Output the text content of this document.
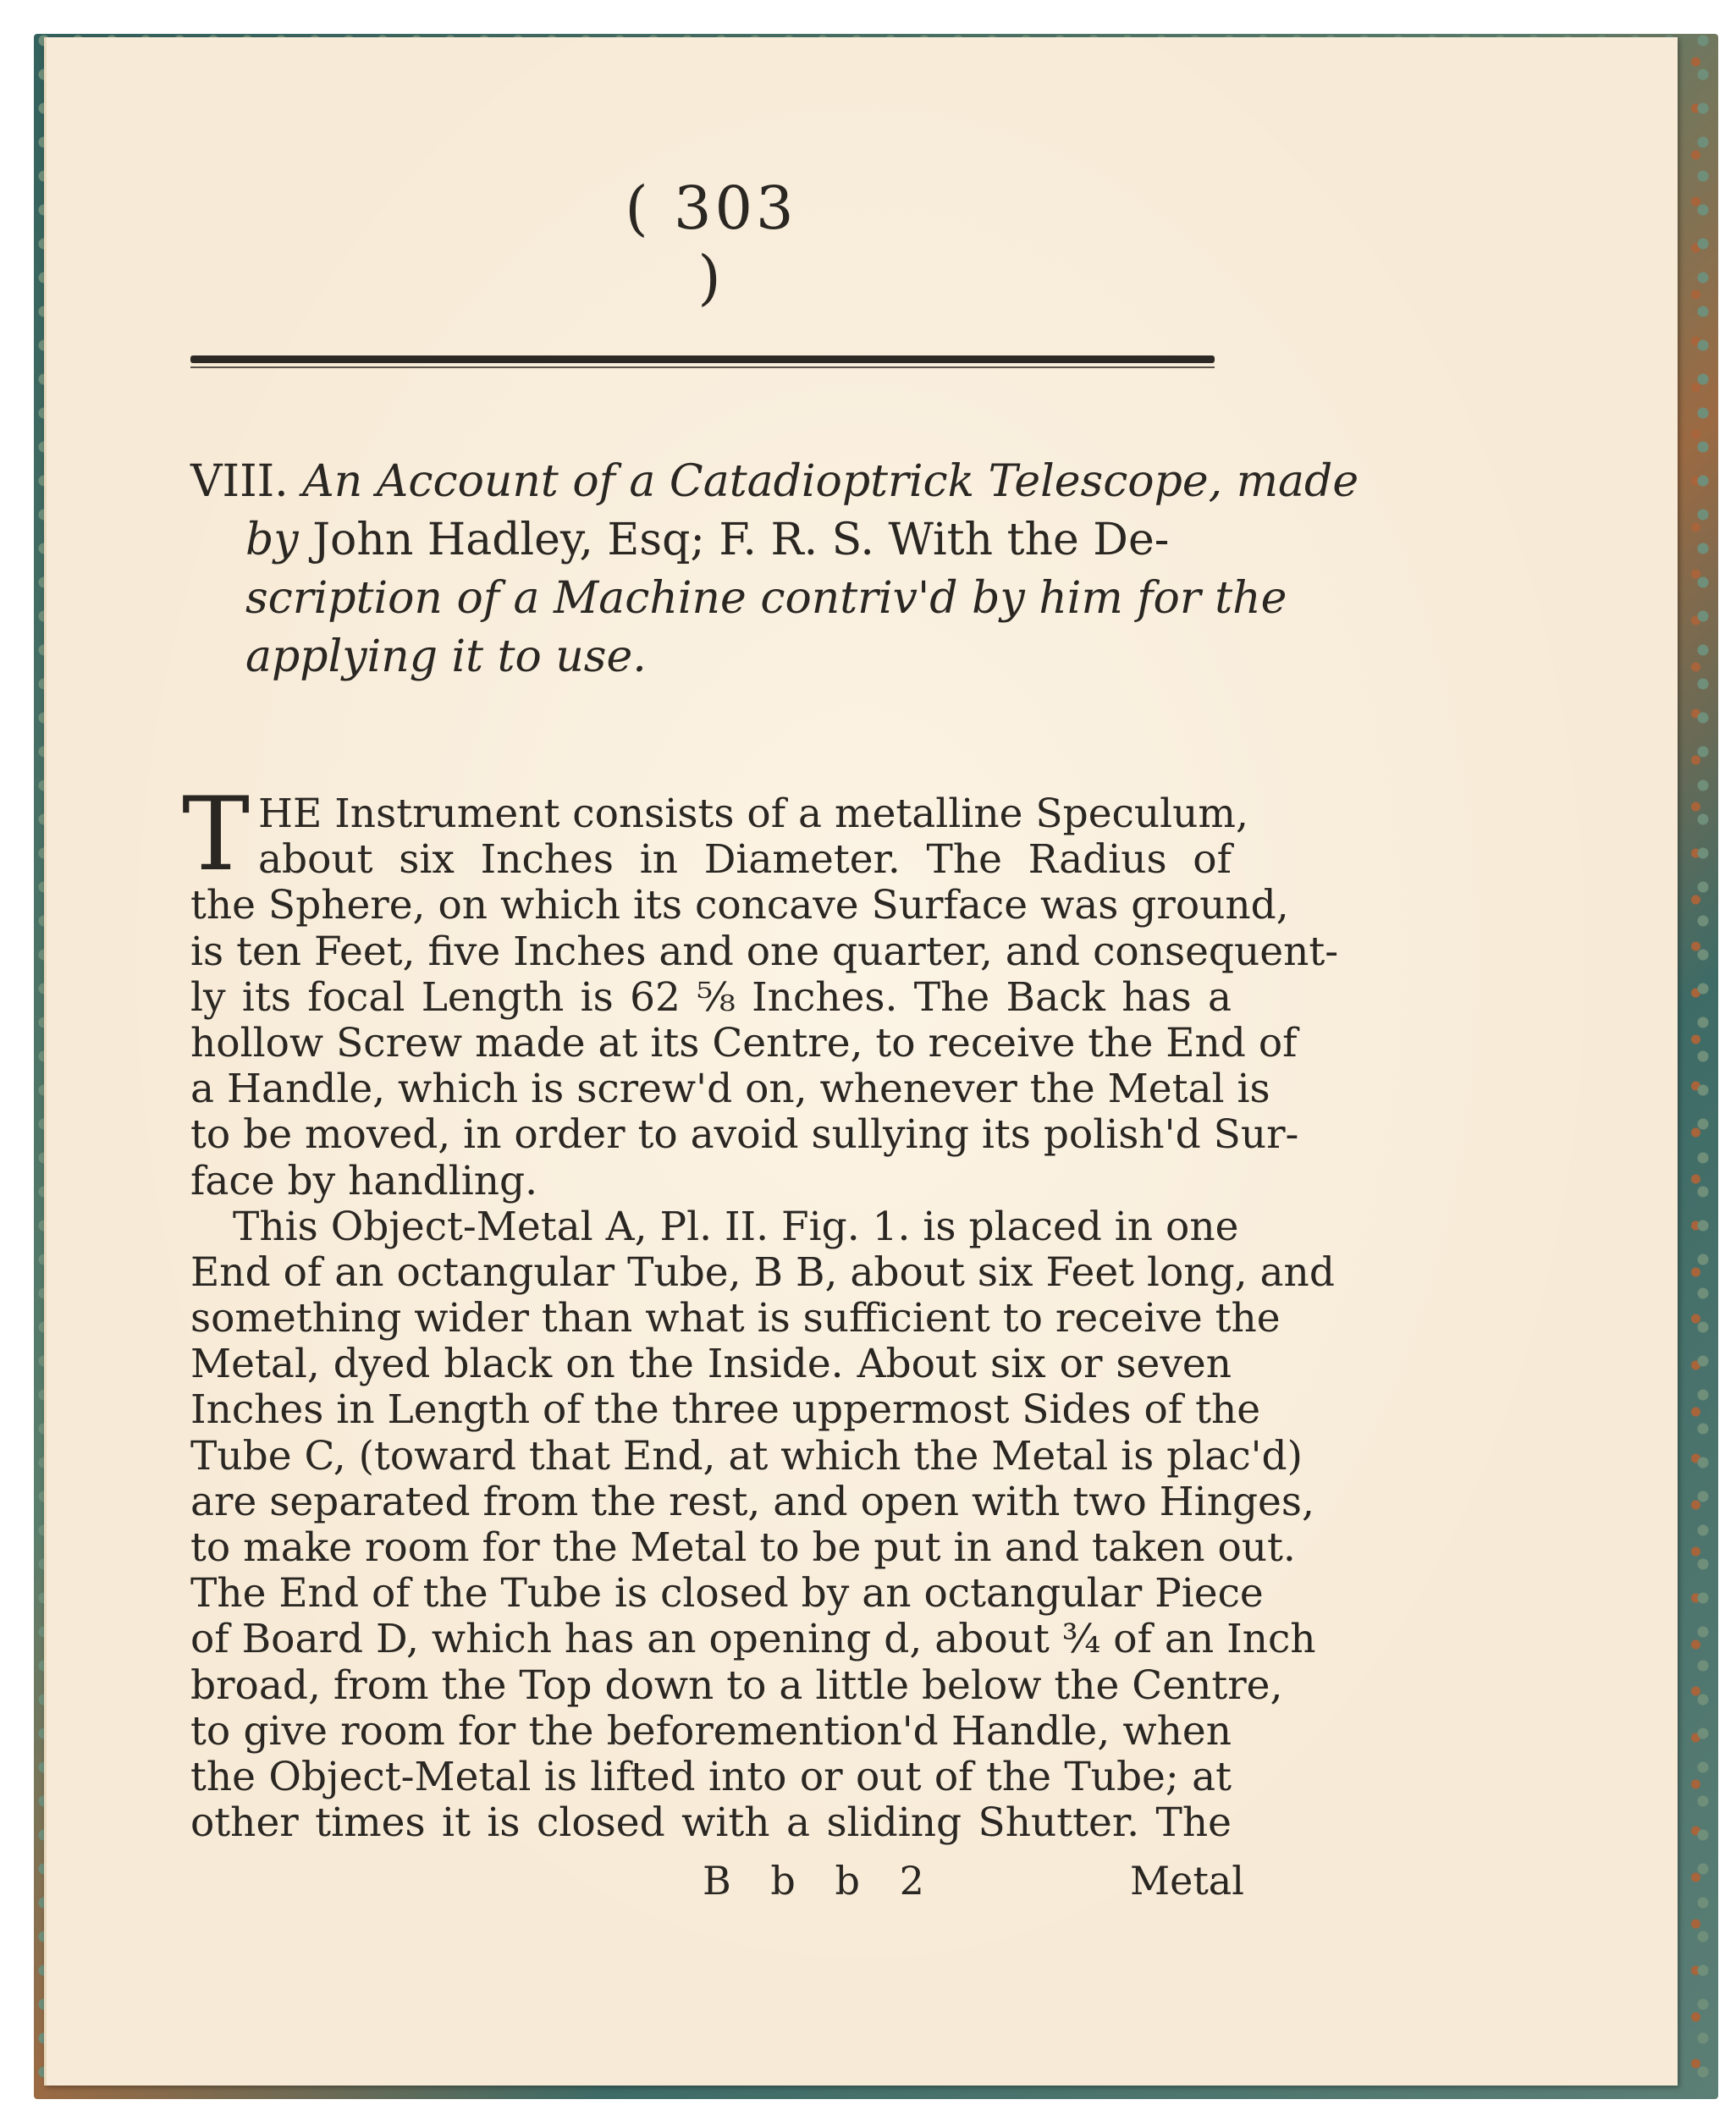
( 303 )
VIII. An Account of a Catadioptrick Telescope, made
by John Hadley, Esq; F. R. S. With the De-
scription of a Machine contriv'd by him for the
applying it to use.
T HE Instrument consists of a metalline Speculum,
about six Inches in Diameter. The Radius of
the Sphere, on which its concave Surface was ground,
is ten Feet, five Inches and one quarter, and consequent-
ly its focal Length is 62 ⅝ Inches. The Back has a
hollow Screw made at its Centre, to receive the End of
a Handle, which is screw'd on, whenever the Metal is
to be moved, in order to avoid sullying its polish'd Sur-
face by handling.
This Object-Metal A, Pl. II. Fig. 1. is placed in one
End of an octangular Tube, B B, about six Feet long, and
something wider than what is sufficient to receive the
Metal, dyed black on the Inside. About six or seven
Inches in Length of the three uppermost Sides of the
Tube C, (toward that End, at which the Metal is plac'd)
are separated from the rest, and open with two Hinges,
to make room for the Metal to be put in and taken out.
The End of the Tube is closed by an octangular Piece
of Board D, which has an opening d, about ¾ of an Inch
broad, from the Top down to a little below the Centre,
to give room for the beforemention'd Handle, when
the Object-Metal is lifted into or out of the Tube; at
other times it is closed with a sliding Shutter. The
B b b 2	Metal
